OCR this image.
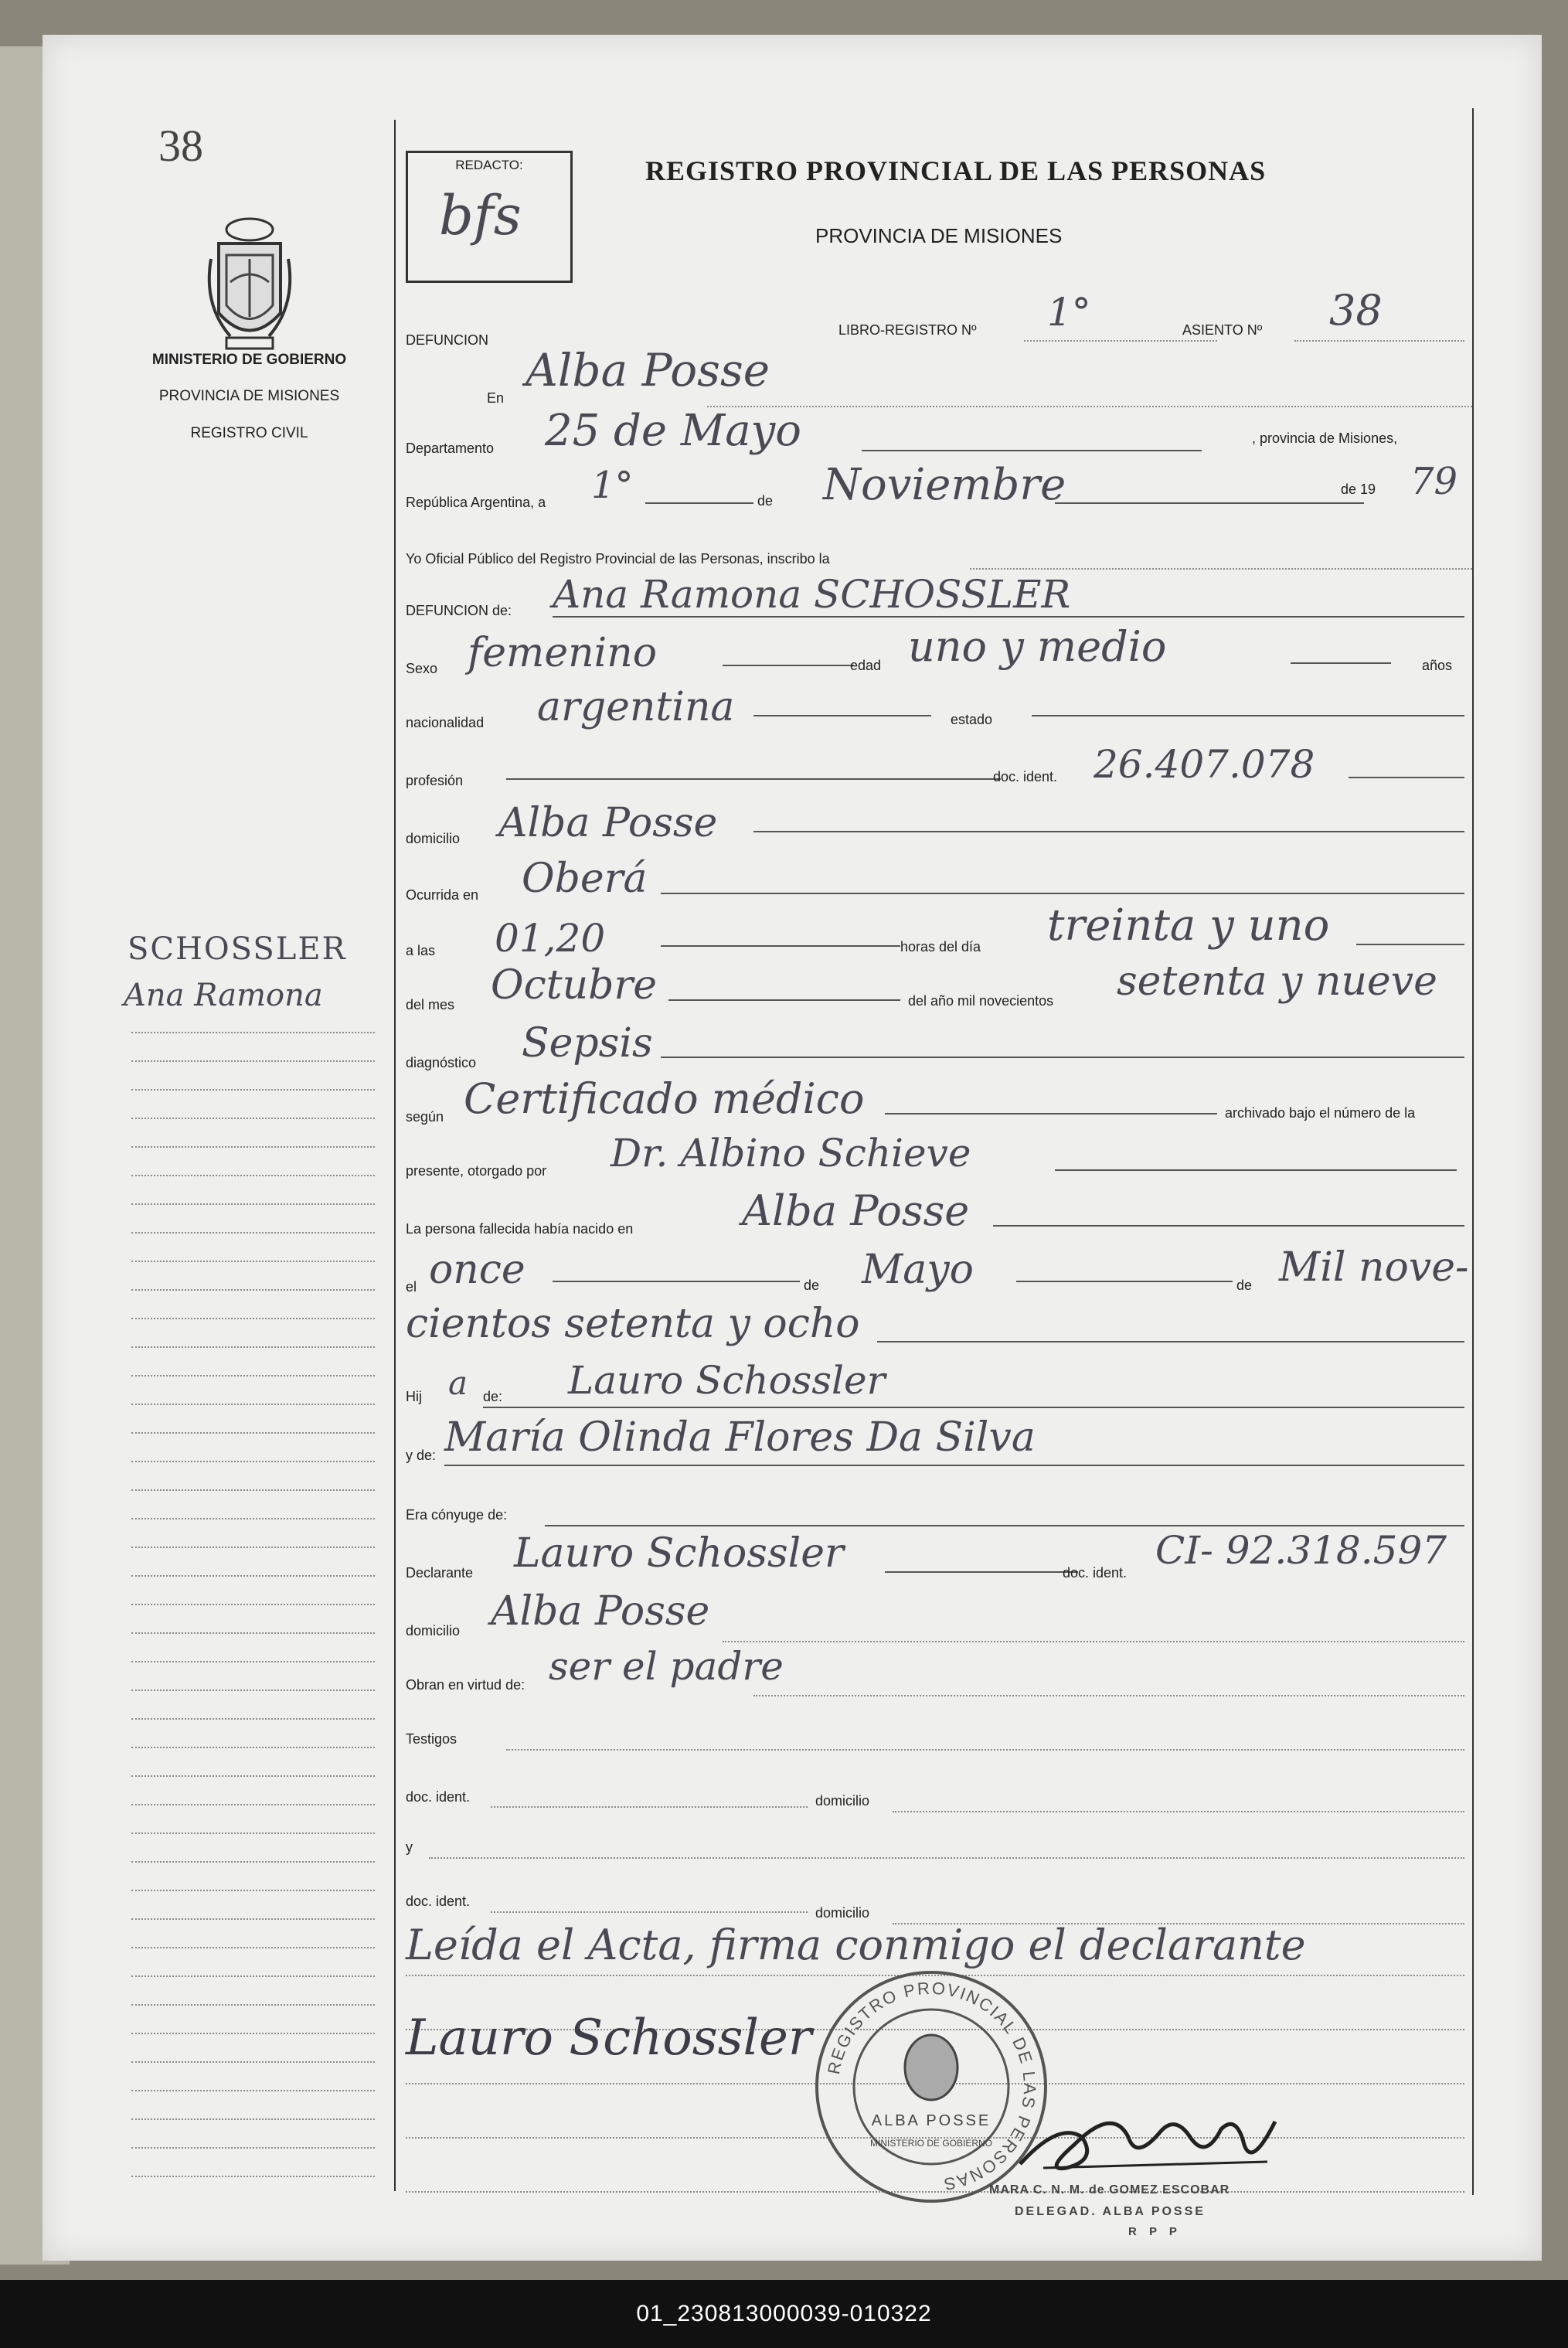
38
MINISTERIO DE GOBIERNO
PROVINCIA DE MISIONES
REGISTRO CIVIL
SCHOSSLER
Ana Ramona
REDACTO:
bfs
REGISTRO PROVINCIAL DE LAS PERSONAS
PROVINCIA DE MISIONES
DEFUNCION
LIBRO-REGISTRO Nº 1°	ASIENTO Nº 38
En
Alba Posse
Departamento 25 de Mayo	, provincia de Misiones,
República Argentina, a 1°	de Noviembre	de 19 79
Yo Oficial Público del Registro Provincial de las Personas, inscribo la
DEFUNCION de: Ana Ramona SCHOSSLER
Sexo femenino	edad uno y medio	años
nacionalidad argentina	estado
profesión	doc. ident. 26.407.078
domicilio Alba Posse
Ocurrida en Oberá
a las 01,20	horas del día treinta y uno
del mes Octubre	del año mil novecientos setenta y nueve
diagnóstico Sepsis
según Certificado médico	archivado bajo el número de la
presente, otorgado por Dr. Albino Schieve
La persona fallecida había nacido en	Alba Posse
el once	de Mayo	de Mil nove-
cientos setenta y ocho
Hij a de: Lauro Schossler
y de: María Olinda Flores Da Silva
Era cónyuge de:
Declarante Lauro Schossler	doc. ident. CI- 92.318.597
domicilio Alba Posse
Obran en virtud de: ser el padre
Testigos
doc. ident.	domicilio
y
doc. ident.
domicilio
Leída el Acta, firma conmigo el declarante
Lauro Schossler
REGISTRO PROVINCIAL DE LAS PERSONAS
ALBA POSSE
MINISTERIO DE GOBIERNO
MARA C. N. M. de GOMEZ ESCOBAR
DELEGAD. ALBA POSSE
R P P
01_230813000039-010322
